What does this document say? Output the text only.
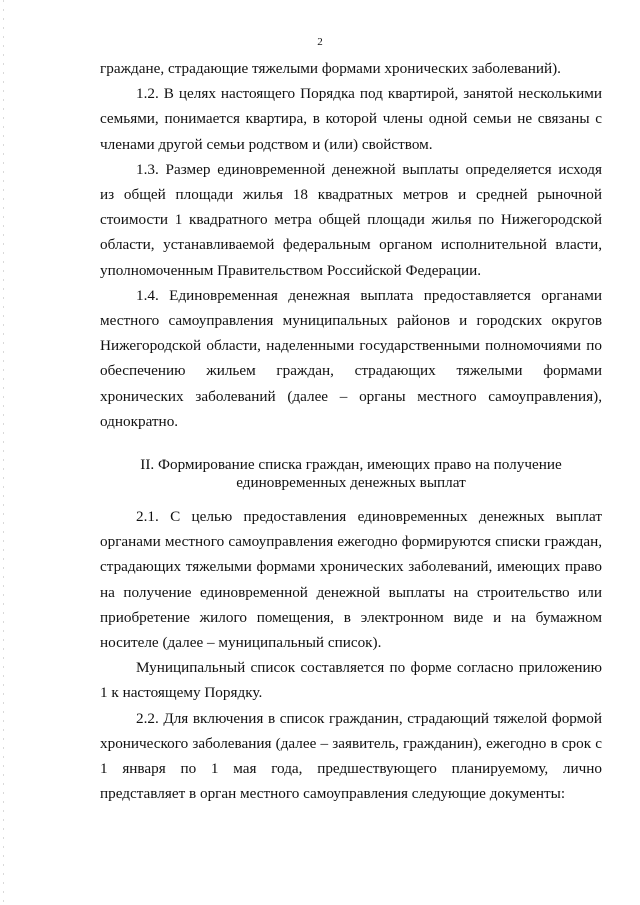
2

граждане, страдающие тяжелыми формами хронических заболеваний).

1.2. В целях настоящего Порядка под квартирой, занятой несколькими семьями, понимается квартира, в которой члены одной семьи не связаны с членами другой семьи родством и (или) свойством.

1.3. Размер единовременной денежной выплаты определяется исходя из общей площади жилья 18 квадратных метров и средней рыночной стоимости 1 квадратного метра общей площади жилья по Нижегородской области, устанавливаемой федеральным органом исполнительной власти, уполномоченным Правительством Российской Федерации.

1.4. Единовременная денежная выплата предоставляется органами местного самоуправления муниципальных районов и городских округов Нижегородской области, наделенными государственными полномочиями по обеспечению жильем граждан, страдающих тяжелыми формами хронических заболеваний (далее – органы местного самоуправления), однократно.

II. Формирование списка граждан, имеющих право на получение

единовременных денежных выплат

2.1. С целью предоставления единовременных денежных выплат органами местного самоуправления ежегодно формируются списки граждан, страдающих тяжелыми формами хронических заболеваний, имеющих право на получение единовременной денежной выплаты на строительство или приобретение жилого помещения, в электронном виде и на бумажном носителе (далее – муниципальный список).

Муниципальный список составляется по форме согласно приложению 1 к настоящему Порядку.

2.2. Для включения в список гражданин, страдающий тяжелой формой хронического заболевания (далее – заявитель, гражданин), ежегодно в срок с 1 января по 1 мая года, предшествующего планируемому, лично представляет в орган местного самоуправления следующие документы:
